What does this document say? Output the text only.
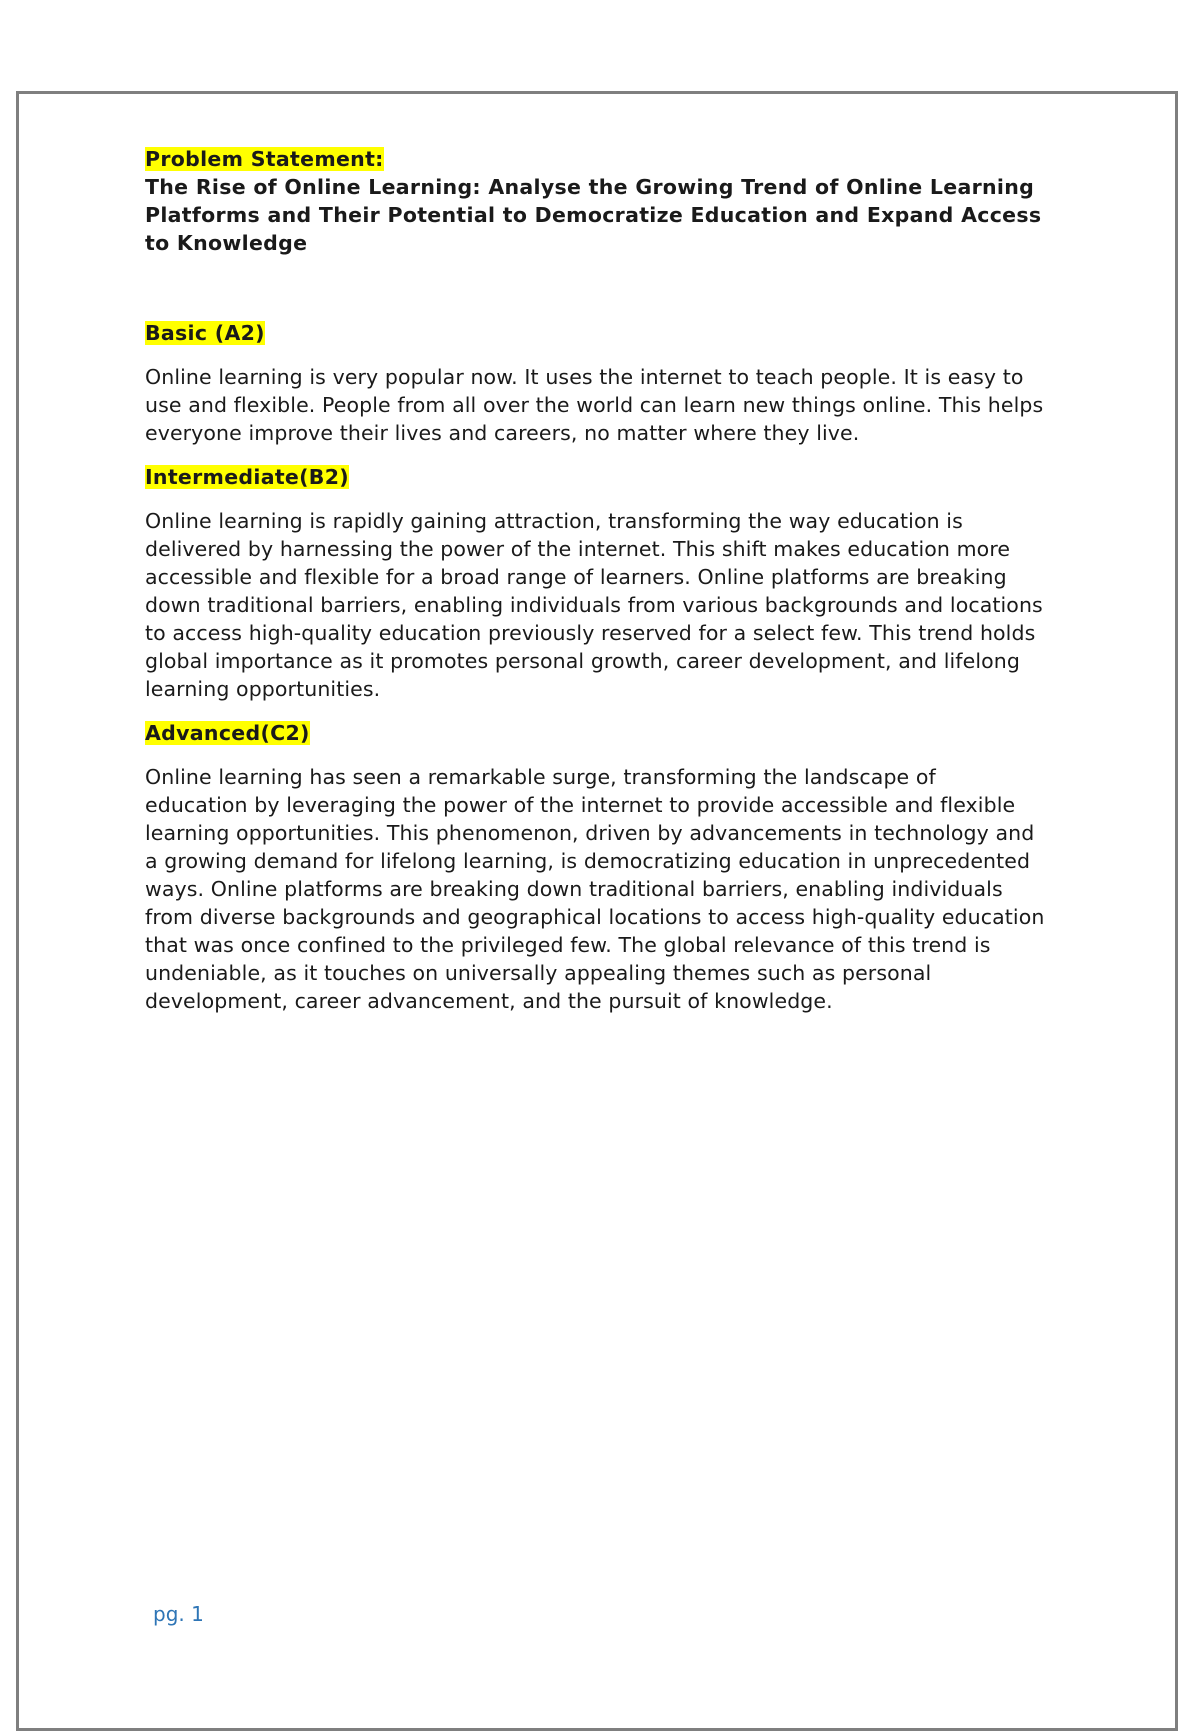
Problem Statement:

The Rise of Online Learning: Analyse the Growing Trend of Online Learning Platforms and Their Potential to Democratize Education and Expand Access to Knowledge

Basic (A2)

Online learning is very popular now. It uses the internet to teach people. It is easy to use and flexible. People from all over the world can learn new things online. This helps everyone improve their lives and careers, no matter where they live.

Intermediate(B2)

Online learning is rapidly gaining attraction, transforming the way education is delivered by harnessing the power of the internet. This shift makes education more accessible and flexible for a broad range of learners. Online platforms are breaking down traditional barriers, enabling individuals from various backgrounds and locations to access high-quality education previously reserved for a select few. This trend holds global importance as it promotes personal growth, career development, and lifelong learning opportunities.

Advanced(C2)

Online learning has seen a remarkable surge, transforming the landscape of education by leveraging the power of the internet to provide accessible and flexible learning opportunities. This phenomenon, driven by advancements in technology and a growing demand for lifelong learning, is democratizing education in unprecedented ways. Online platforms are breaking down traditional barriers, enabling individuals from diverse backgrounds and geographical locations to access high-quality education that was once confined to the privileged few. The global relevance of this trend is undeniable, as it touches on universally appealing themes such as personal development, career advancement, and the pursuit of knowledge.

pg. 1
